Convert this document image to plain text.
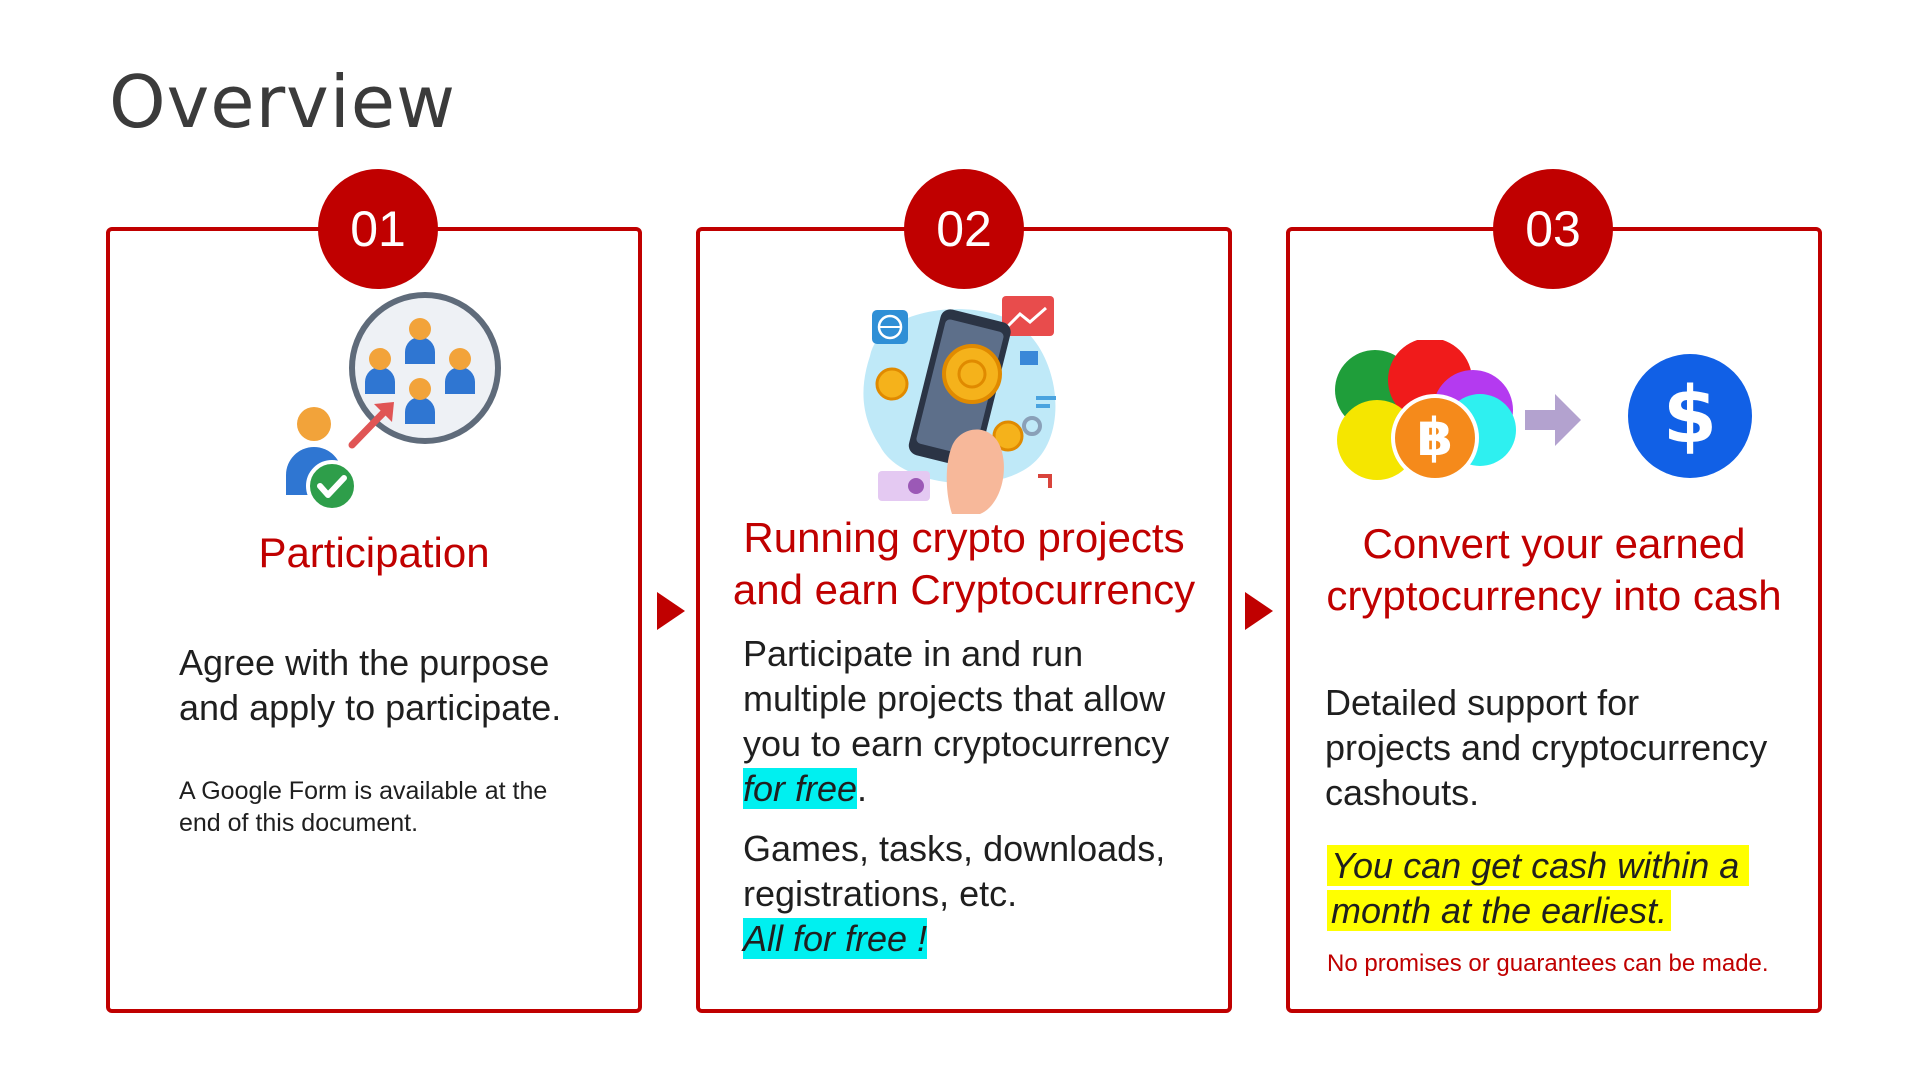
Overview
01	02	03
Participation
Agree with the purpose
and apply to participate.
A Google Form is available at the
end of this document.
Running crypto projects
and earn Cryptocurrency
Participate in and run
multiple projects that allow
you to earn cryptocurrency
for free.
Games, tasks, downloads,
registrations, etc.
All for free !
฿	$
Convert your earned
cryptocurrency into cash
Detailed support for
projects and cryptocurrency
cashouts.
You can get cash within a
month at the earliest.
No promises or guarantees can be made.
